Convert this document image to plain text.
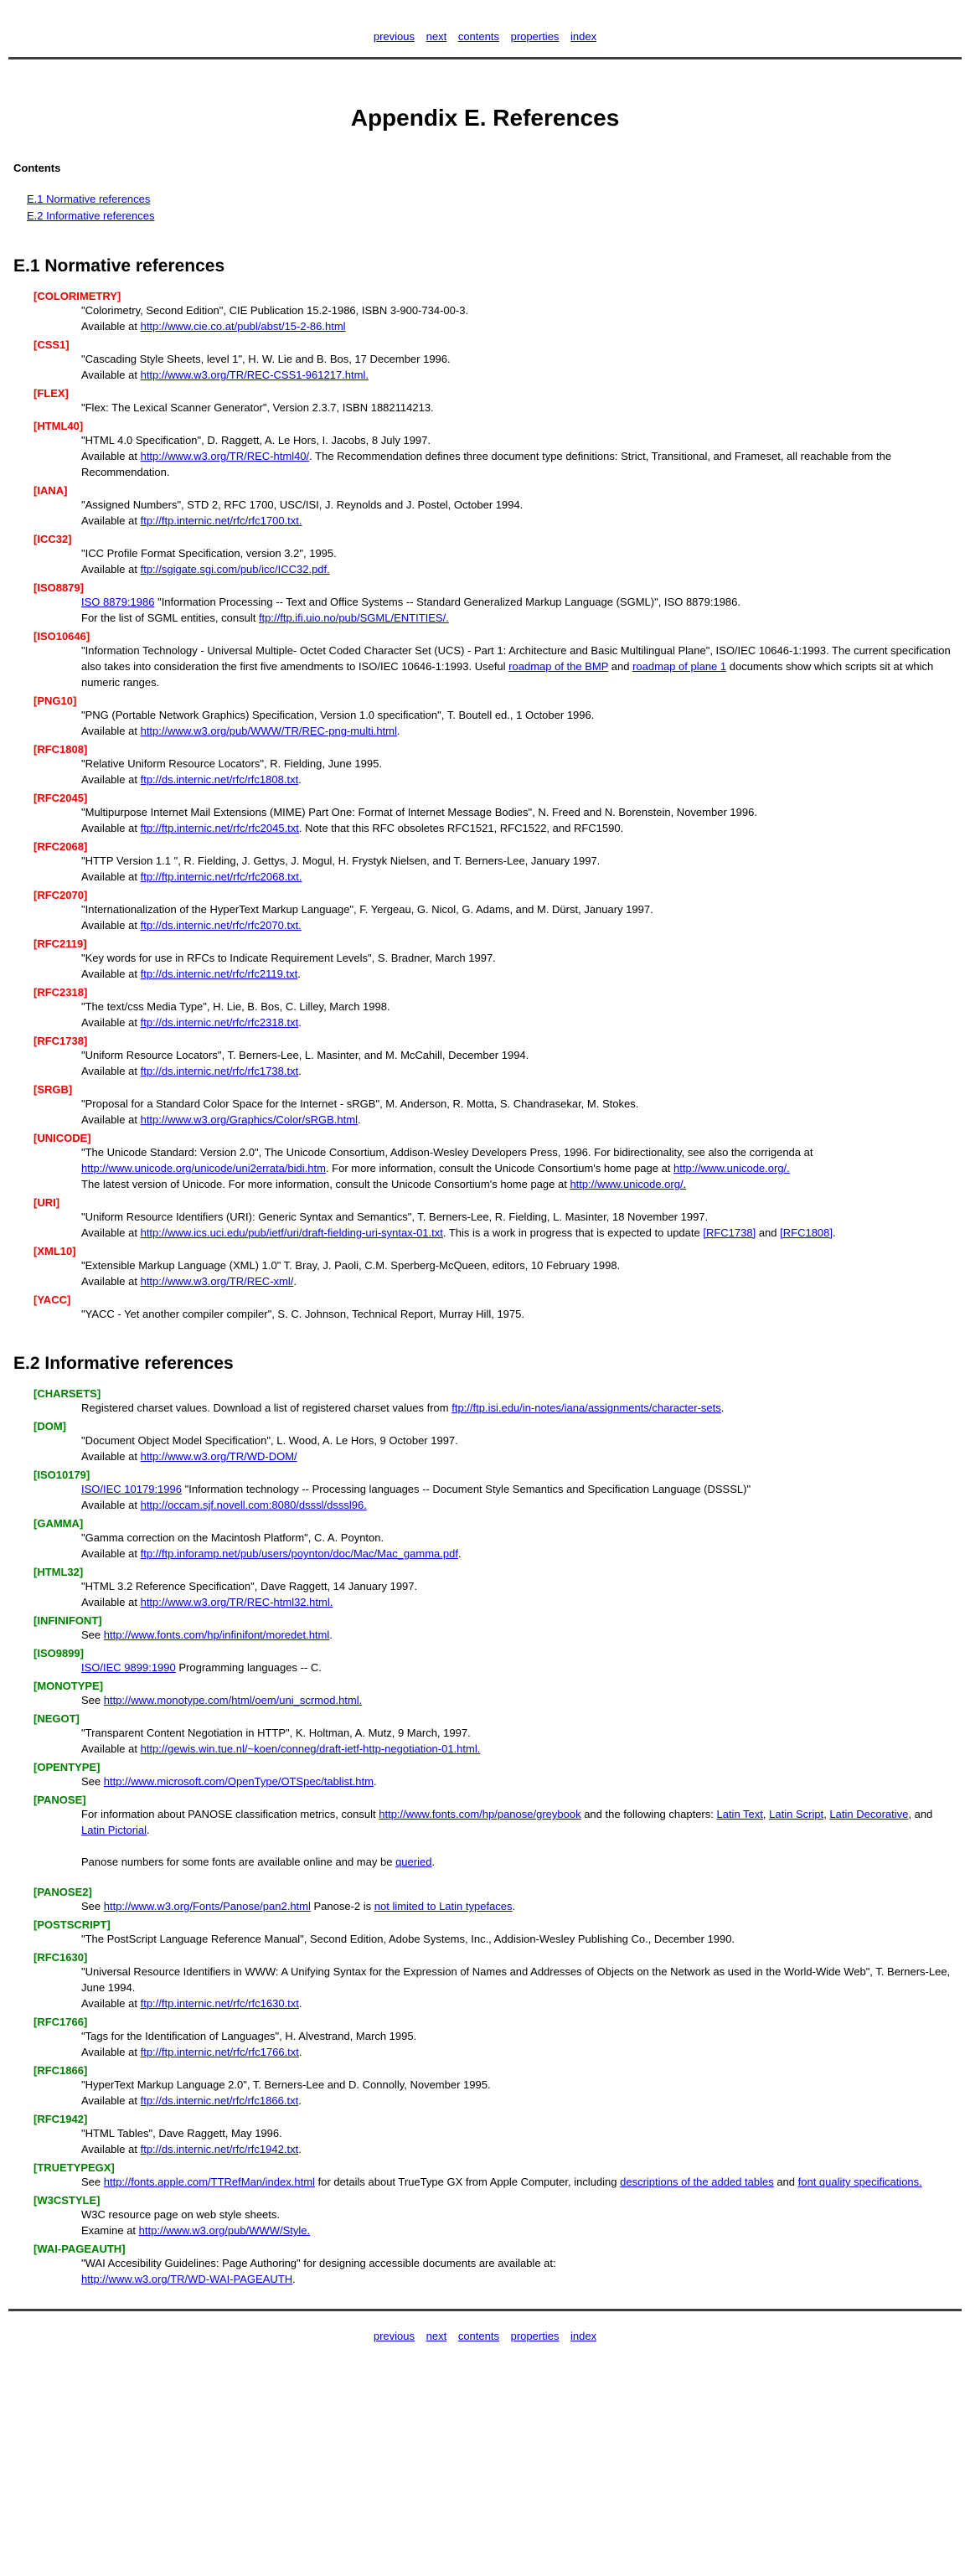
previous next contents properties index
Appendix E. References
Contents
E.1 Normative references
E.2 Informative references
E.1 Normative references
[COLORIMETRY]
"Colorimetry, Second Edition", CIE Publication 15.2-1986, ISBN 3-900-734-00-3.
Available at http://www.cie.co.at/publ/abst/15-2-86.html
[CSS1]
"Cascading Style Sheets, level 1", H. W. Lie and B. Bos, 17 December 1996.
Available at http://www.w3.org/TR/REC-CSS1-961217.html.
[FLEX]
"Flex: The Lexical Scanner Generator", Version 2.3.7, ISBN 1882114213.
[HTML40]
"HTML 4.0 Specification", D. Raggett, A. Le Hors, I. Jacobs, 8 July 1997.
Available at http://www.w3.org/TR/REC-html40/. The Recommendation defines three document type definitions: Strict, Transitional, and Frameset, all reachable from the Recommendation.
[IANA]
"Assigned Numbers", STD 2, RFC 1700, USC/ISI, J. Reynolds and J. Postel, October 1994.
Available at ftp://ftp.internic.net/rfc/rfc1700.txt.
[ICC32]
"ICC Profile Format Specification, version 3.2", 1995.
Available at ftp://sgigate.sgi.com/pub/icc/ICC32.pdf.
[ISO8879]
ISO 8879:1986 "Information Processing -- Text and Office Systems -- Standard Generalized Markup Language (SGML)", ISO 8879:1986.
For the list of SGML entities, consult ftp://ftp.ifi.uio.no/pub/SGML/ENTITIES/.
[ISO10646]
"Information Technology - Universal Multiple- Octet Coded Character Set (UCS) - Part 1: Architecture and Basic Multilingual Plane", ISO/IEC 10646-1:1993. The current specification also takes into consideration the first five amendments to ISO/IEC 10646-1:1993. Useful roadmap of the BMP and roadmap of plane 1 documents show which scripts sit at which numeric ranges.
[PNG10]
"PNG (Portable Network Graphics) Specification, Version 1.0 specification", T. Boutell ed., 1 October 1996.
Available at http://www.w3.org/pub/WWW/TR/REC-png-multi.html.
[RFC1808]
"Relative Uniform Resource Locators", R. Fielding, June 1995.
Available at ftp://ds.internic.net/rfc/rfc1808.txt.
[RFC2045]
"Multipurpose Internet Mail Extensions (MIME) Part One: Format of Internet Message Bodies", N. Freed and N. Borenstein, November 1996.
Available at ftp://ftp.internic.net/rfc/rfc2045.txt. Note that this RFC obsoletes RFC1521, RFC1522, and RFC1590.
[RFC2068]
"HTTP Version 1.1 ", R. Fielding, J. Gettys, J. Mogul, H. Frystyk Nielsen, and T. Berners-Lee, January 1997.
Available at ftp://ftp.internic.net/rfc/rfc2068.txt.
[RFC2070]
"Internationalization of the HyperText Markup Language", F. Yergeau, G. Nicol, G. Adams, and M. Dürst, January 1997.
Available at ftp://ds.internic.net/rfc/rfc2070.txt.
[RFC2119]
"Key words for use in RFCs to Indicate Requirement Levels", S. Bradner, March 1997.
Available at ftp://ds.internic.net/rfc/rfc2119.txt.
[RFC2318]
"The text/css Media Type", H. Lie, B. Bos, C. Lilley, March 1998.
Available at ftp://ds.internic.net/rfc/rfc2318.txt.
[RFC1738]
"Uniform Resource Locators", T. Berners-Lee, L. Masinter, and M. McCahill, December 1994.
Available at ftp://ds.internic.net/rfc/rfc1738.txt.
[SRGB]
"Proposal for a Standard Color Space for the Internet - sRGB", M. Anderson, R. Motta, S. Chandrasekar, M. Stokes.
Available at http://www.w3.org/Graphics/Color/sRGB.html.
[UNICODE]
"The Unicode Standard: Version 2.0", The Unicode Consortium, Addison-Wesley Developers Press, 1996. For bidirectionality, see also the corrigenda at http://www.unicode.org/unicode/uni2errata/bidi.htm. For more information, consult the Unicode Consortium's home page at http://www.unicode.org/.
The latest version of Unicode. For more information, consult the Unicode Consortium's home page at http://www.unicode.org/.
[URI]
"Uniform Resource Identifiers (URI): Generic Syntax and Semantics", T. Berners-Lee, R. Fielding, L. Masinter, 18 November 1997.
Available at http://www.ics.uci.edu/pub/ietf/uri/draft-fielding-uri-syntax-01.txt. This is a work in progress that is expected to update [RFC1738] and [RFC1808].
[XML10]
"Extensible Markup Language (XML) 1.0" T. Bray, J. Paoli, C.M. Sperberg-McQueen, editors, 10 February 1998.
Available at http://www.w3.org/TR/REC-xml/.
[YACC]
"YACC - Yet another compiler compiler", S. C. Johnson, Technical Report, Murray Hill, 1975.
E.2 Informative references
[CHARSETS]
Registered charset values. Download a list of registered charset values from ftp://ftp.isi.edu/in-notes/iana/assignments/character-sets.
[DOM]
"Document Object Model Specification", L. Wood, A. Le Hors, 9 October 1997.
Available at http://www.w3.org/TR/WD-DOM/
[ISO10179]
ISO/IEC 10179:1996 "Information technology -- Processing languages -- Document Style Semantics and Specification Language (DSSSL)"
Available at http://occam.sjf.novell.com:8080/dsssl/dsssl96.
[GAMMA]
"Gamma correction on the Macintosh Platform", C. A. Poynton.
Available at ftp://ftp.inforamp.net/pub/users/poynton/doc/Mac/Mac_gamma.pdf.
[HTML32]
"HTML 3.2 Reference Specification", Dave Raggett, 14 January 1997.
Available at http://www.w3.org/TR/REC-html32.html.
[INFINIFONT]
See http://www.fonts.com/hp/infinifont/moredet.html.
[ISO9899]
ISO/IEC 9899:1990 Programming languages -- C.
[MONOTYPE]
See http://www.monotype.com/html/oem/uni_scrmod.html.
[NEGOT]
"Transparent Content Negotiation in HTTP", K. Holtman, A. Mutz, 9 March, 1997.
Available at http://gewis.win.tue.nl/~koen/conneg/draft-ietf-http-negotiation-01.html.
[OPENTYPE]
See http://www.microsoft.com/OpenType/OTSpec/tablist.htm.
[PANOSE]
For information about PANOSE classification metrics, consult http://www.fonts.com/hp/panose/greybook and the following chapters: Latin Text, Latin Script, Latin Decorative, and Latin Pictorial.
Panose numbers for some fonts are available online and may be queried.
[PANOSE2]
See http://www.w3.org/Fonts/Panose/pan2.html Panose-2 is not limited to Latin typefaces.
[POSTSCRIPT]
"The PostScript Language Reference Manual", Second Edition, Adobe Systems, Inc., Addision-Wesley Publishing Co., December 1990.
[RFC1630]
"Universal Resource Identifiers in WWW: A Unifying Syntax for the Expression of Names and Addresses of Objects on the Network as used in the World-Wide Web", T. Berners-Lee, June 1994.
Available at ftp://ftp.internic.net/rfc/rfc1630.txt.
[RFC1766]
"Tags for the Identification of Languages", H. Alvestrand, March 1995.
Available at ftp://ftp.internic.net/rfc/rfc1766.txt.
[RFC1866]
"HyperText Markup Language 2.0", T. Berners-Lee and D. Connolly, November 1995.
Available at ftp://ds.internic.net/rfc/rfc1866.txt.
[RFC1942]
"HTML Tables", Dave Raggett, May 1996.
Available at ftp://ds.internic.net/rfc/rfc1942.txt.
[TRUETYPEGX]
See http://fonts.apple.com/TTRefMan/index.html for details about TrueType GX from Apple Computer, including descriptions of the added tables and font quality specifications.
[W3CSTYLE]
W3C resource page on web style sheets.
Examine at http://www.w3.org/pub/WWW/Style.
[WAI-PAGEAUTH]
"WAI Accesibility Guidelines: Page Authoring" for designing accessible documents are available at:
http://www.w3.org/TR/WD-WAI-PAGEAUTH.
previous next contents properties index
